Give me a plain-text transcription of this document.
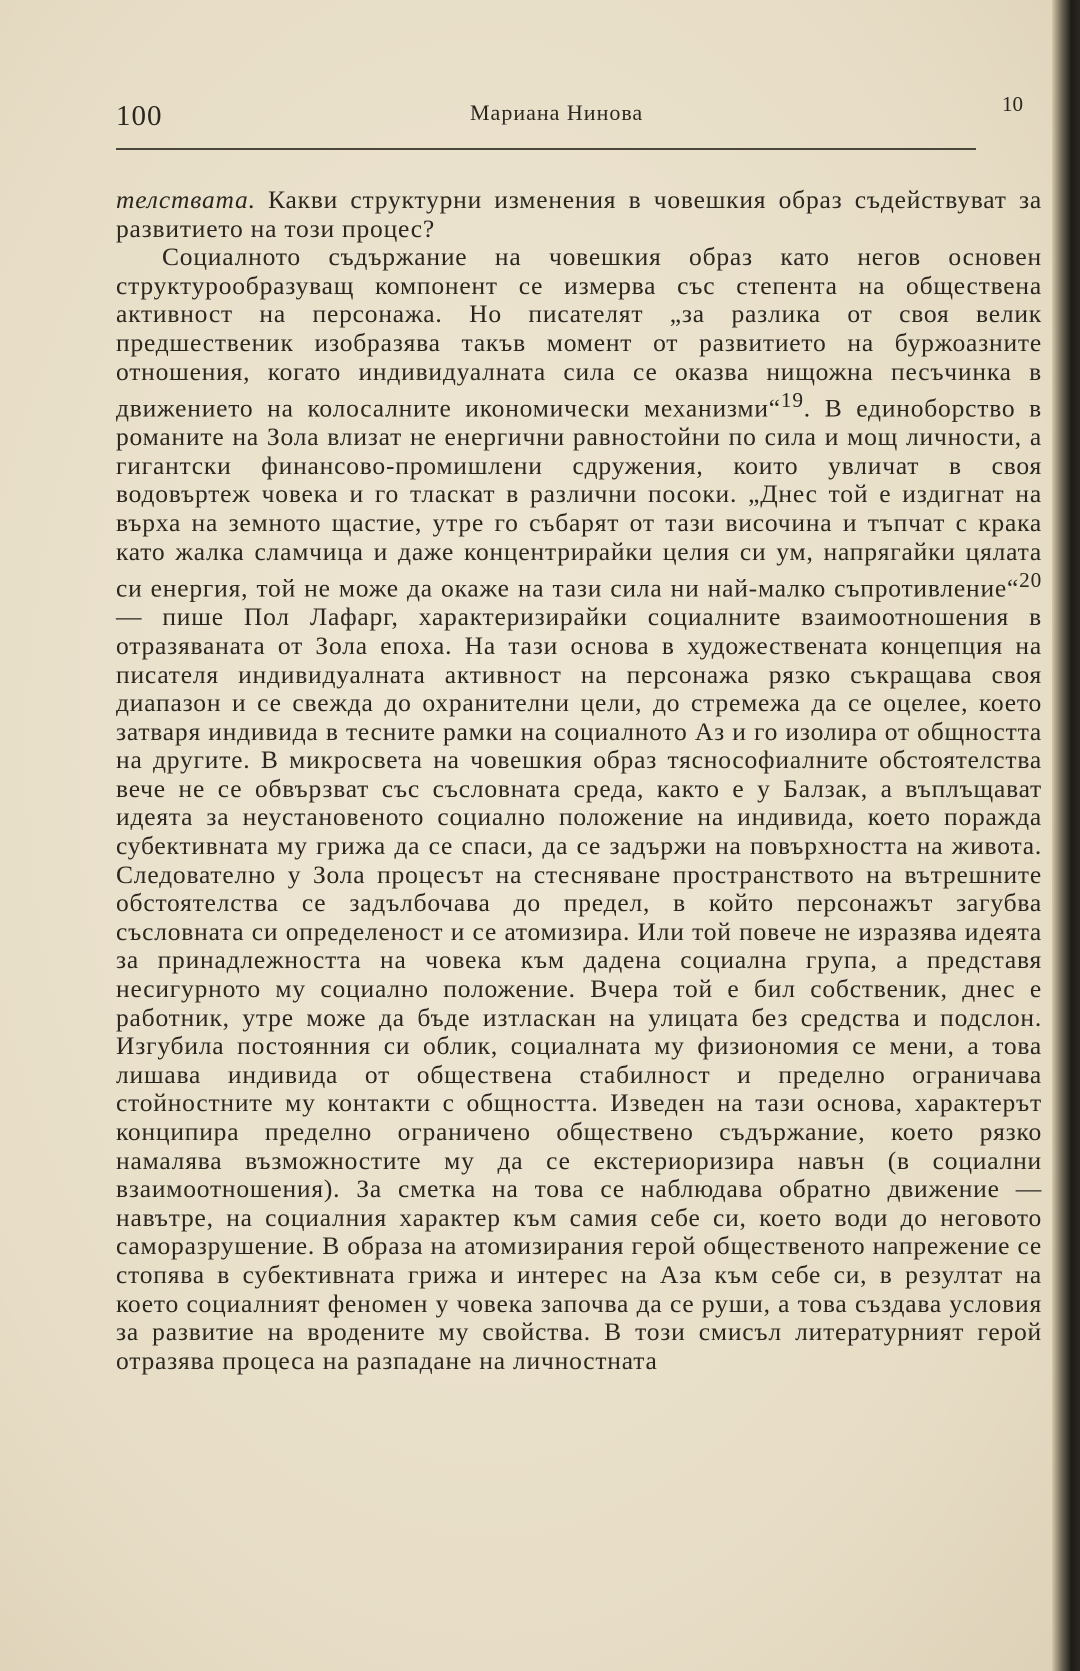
100	Мариана Нинова	10

телствата. Какви структурни изменения в човешкия образ съдействуват за развитието на този процес?

Социалното съдържание на човешкия образ като негов основен структурообразуващ компонент се измерва със степента на обществена активност на персонажа. Но писателят „за разлика от своя велик предшественик изобразява такъв момент от развитието на буржоазните отношения, когато индивидуалната сила се оказва нищожна песъчинка в движението на колосалните икономически механизми“$^{19}$. В единоборство в романите на Зола влизат не енергични равностойни по сила и мощ личности, а гигантски финансово-промишлени сдружения, които увличат в своя водовъртеж човека и го тласкат в различни посоки. „Днес той е издигнат на върха на земното щастие, утре го събарят от тази височина и тъпчат с крака като жалка сламчица и даже концентрирайки целия си ум, напрягайки цялата си енергия, той не може да окаже на тази сила ни най-малко съпротивление“$^{20}$ — пише Пол Лафарг, характеризирайки социалните взаимоотношения в отразяваната от Зола епоха. На тази основа в художествената концепция на писателя индивидуалната активност на персонажа рязко съкращава своя диапазон и се свежда до охранителни цели, до стремежа да се оцелее, което затваря индивида в тесните рамки на социалното Аз и го изолира от общността на другите. В микросвета на човешкия образ тяснософиалните обстоятелства вече не се обвързват със съсловната среда, както е у Балзак, а въплъщават идеята за неустановеното социално положение на индивида, което поражда субективната му грижа да се спаси, да се задържи на повърхността на живота. Следователно у Зола процесът на стесняване пространството на вътрешните обстоятелства се задълбочава до предел, в който персонажът загубва съсловната си определеност и се атомизира. Или той повече не изразява идеята за принадлежността на човека към дадена социална група, а представя несигурното му социално положение. Вчера той е бил собственик, днес е работник, утре може да бъде изтласкан на улицата без средства и подслон. Изгубила постоянния си облик, социалната му физиономия се мени, а това лишава индивида от обществена стабилност и пределно ограничава стойностните му контакти с общността. Изведен на тази основа, характерът конципира пределно ограничено обществено съдържание, което рязко намалява възможностите му да се екстериоризира навън (в социални взаимоотношения). За сметка на това се наблюдава обратно движение — навътре, на социалния характер към самия себе си, което води до неговото саморазрушение. В образа на атомизирания герой общественото напрежение се стопява в субективната грижа и интерес на Аза към себе си, в резултат на което социалният феномен у човека започва да се руши, а това създава условия за развитие на вродените му свойства. В този смисъл литературният герой отразява процеса на разпадане на личностната
